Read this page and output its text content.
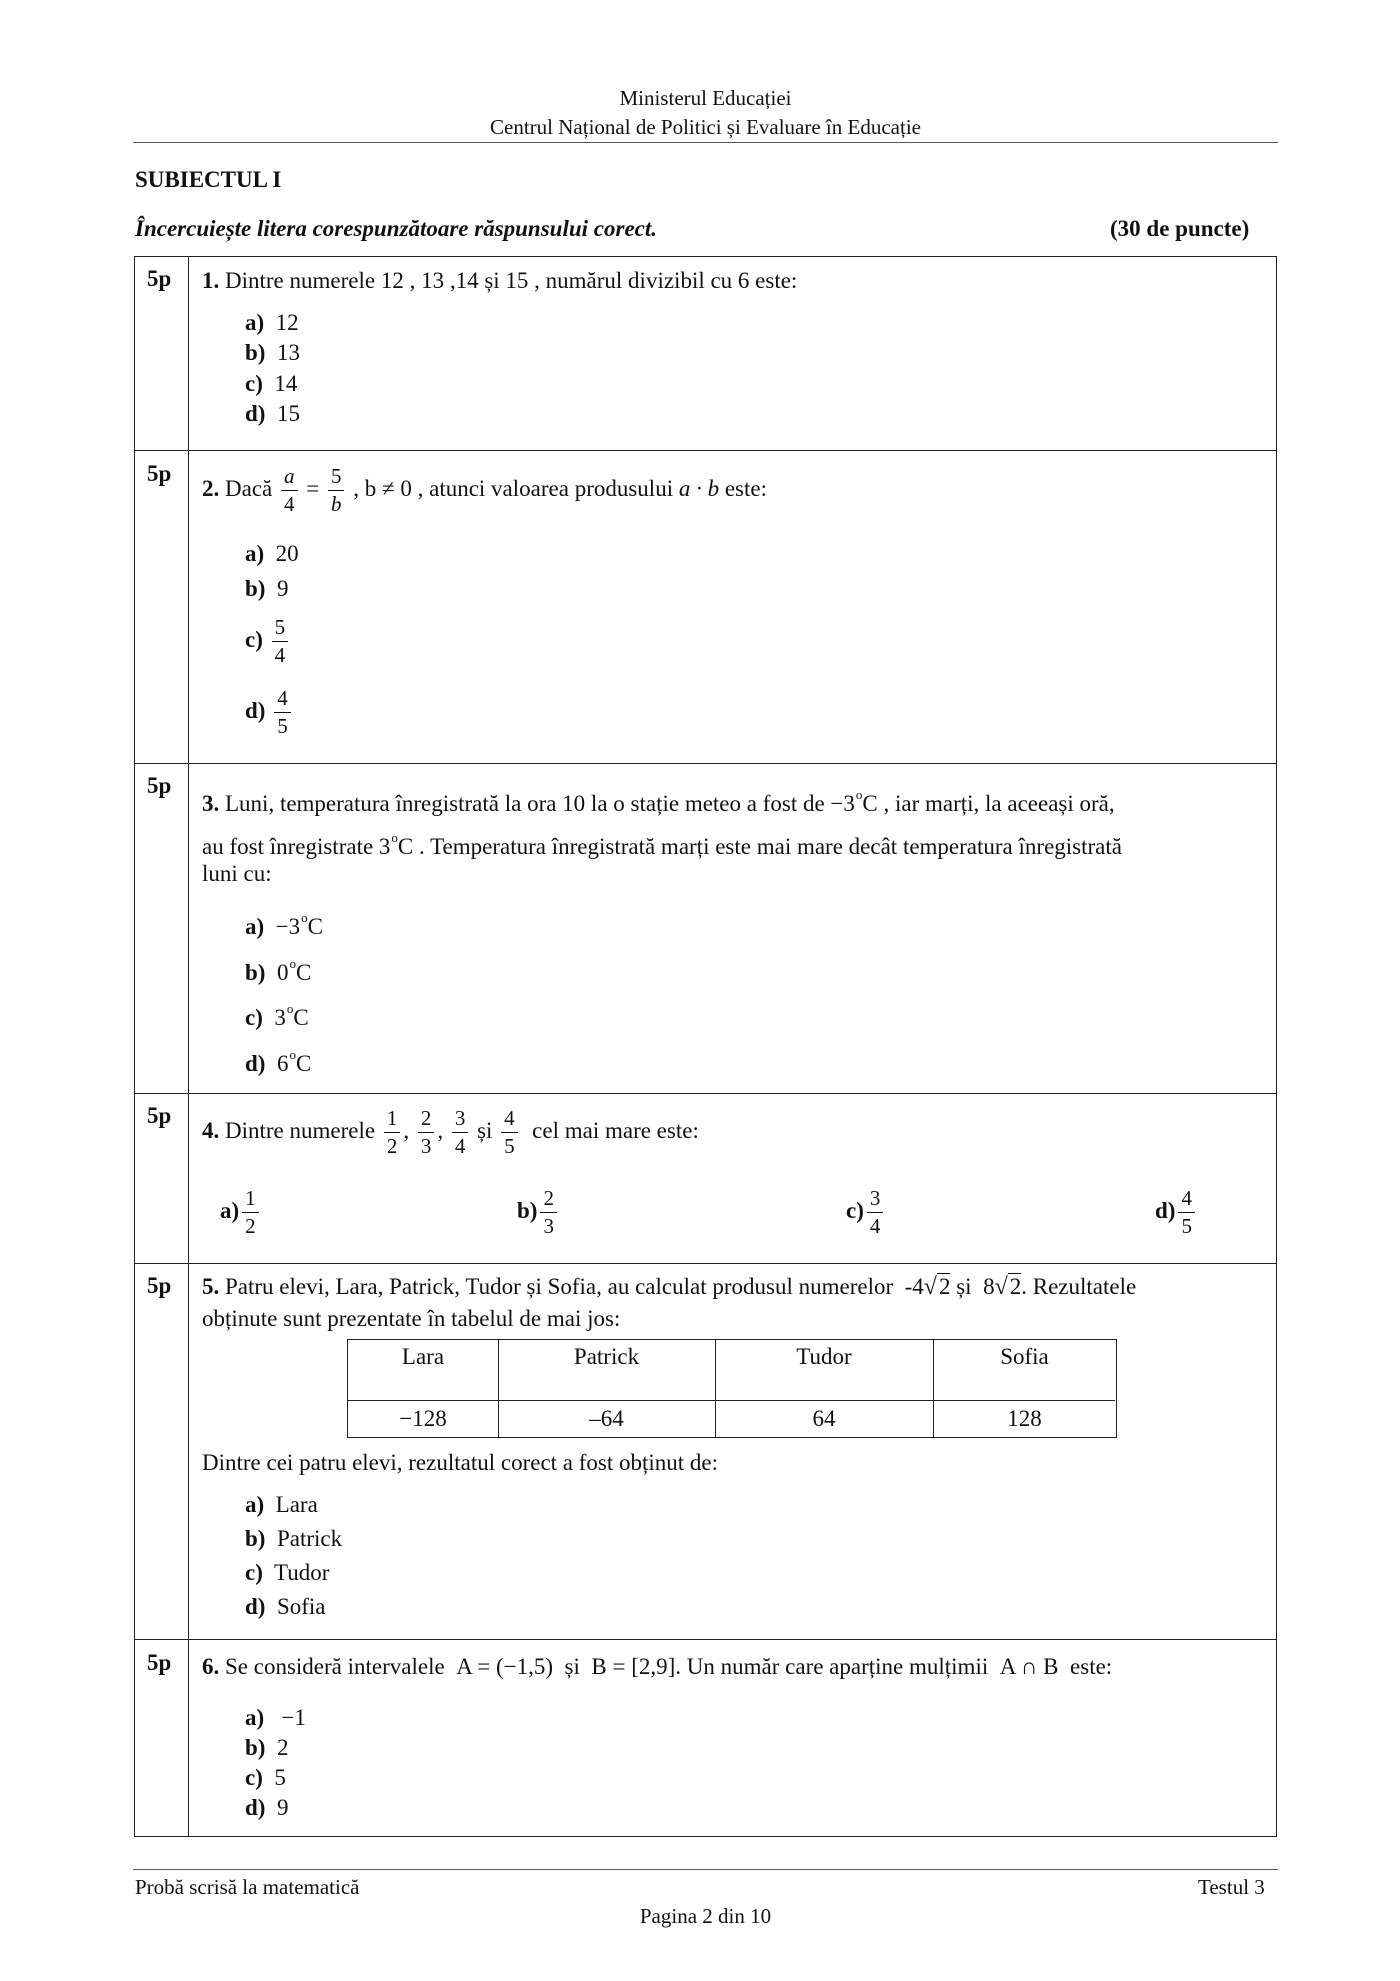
Ministerul Educației
Centrul Național de Politici și Evaluare în Educație
SUBIECTUL I
Încercuiește litera corespunzătoare răspunsului corect.	(30 de puncte)
5p
5p
5p
5p
5p
5p
1. Dintre numerele 12 , 13 ,14 și 15 , numărul divizibil cu 6 este:
a) 12
b) 13
c) 14
d) 15
2. Dacă $\frac{a}{4} = \frac{5}{b}$ , b ≠ 0 , atunci valoarea produsului a · b este:
a) 20
b) 9
$c) \frac{5}{4}$
$d) \frac{4}{5}$
3. Luni, temperatura înregistrată la ora 10 la o stație meteo a fost de $-3^oC$ , iar marți, la aceeași oră,
au fost înregistrate 3$^o$C . Temperatura înregistrată marți este mai mare decât temperatura înregistrată
luni cu:
$a) -3^oC$
b) 0$^o$C
c) 3$^o$C
d) 6$^o$C
4. Dintre numerele $\frac{1}{2}$ , $\frac{2}{3}$ , $\frac{3}{4}$ și $\frac{4}{5}$ cel mai mare este:
$a) \frac{1}{2}$	$b) \frac{2}{3}$	$c) \frac{3}{4}$	$d) \frac{4}{5}$
5. Patru elevi, Lara, Patrick, Tudor și Sofia, au calculat produsul numerelor -4√2 și 8√2. Rezultatele
obținute sunt prezentate în tabelul de mai jos:
Lara	Patrick	Tudor	Sofia
−128	–64	64	128
Dintre cei patru elevi, rezultatul corect a fost obținut de:
a) Lara
b) Patrick
c) Tudor
d) Sofia
6. Se consideră intervalele A = (−1,5) și B = [2,9]. Un număr care aparține mulțimii A ∩ B este:
a) −1
b) 2
c) 5
d) 9
Probă scrisă la matematică	Testul 3
Pagina 2 din 10
